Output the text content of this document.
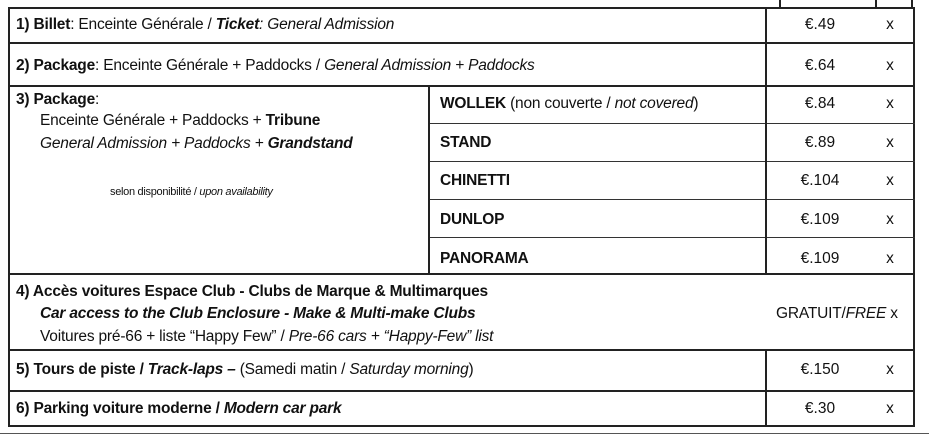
1) Billet: Enceinte Générale / Ticket: General Admission	€.49	x
2) Package: Enceinte Générale + Paddocks / General Admission + Paddocks	€.64	x
3) Package:
Enceinte Générale + Paddocks + Tribune
General Admission + Paddocks + Grandstand
selon disponibilité / upon availability
WOLLEK (non couverte / not covered)	€.84	x
STAND	€.89	x
CHINETTI	€.104	x
DUNLOP	€.109	x
PANORAMA	€.109	x
4) Accès voitures Espace Club - Clubs de Marque & Multimarques
Car access to the Club Enclosure - Make & Multi-make Clubs
Voitures pré-66 + liste “Happy Few” / Pre-66 cars + “Happy-Few” list
GRATUIT/FREE x
5) Tours de piste / Track-laps – (Samedi matin / Saturday morning)	€.150	x
6) Parking voiture moderne / Modern car park	€.30	x
